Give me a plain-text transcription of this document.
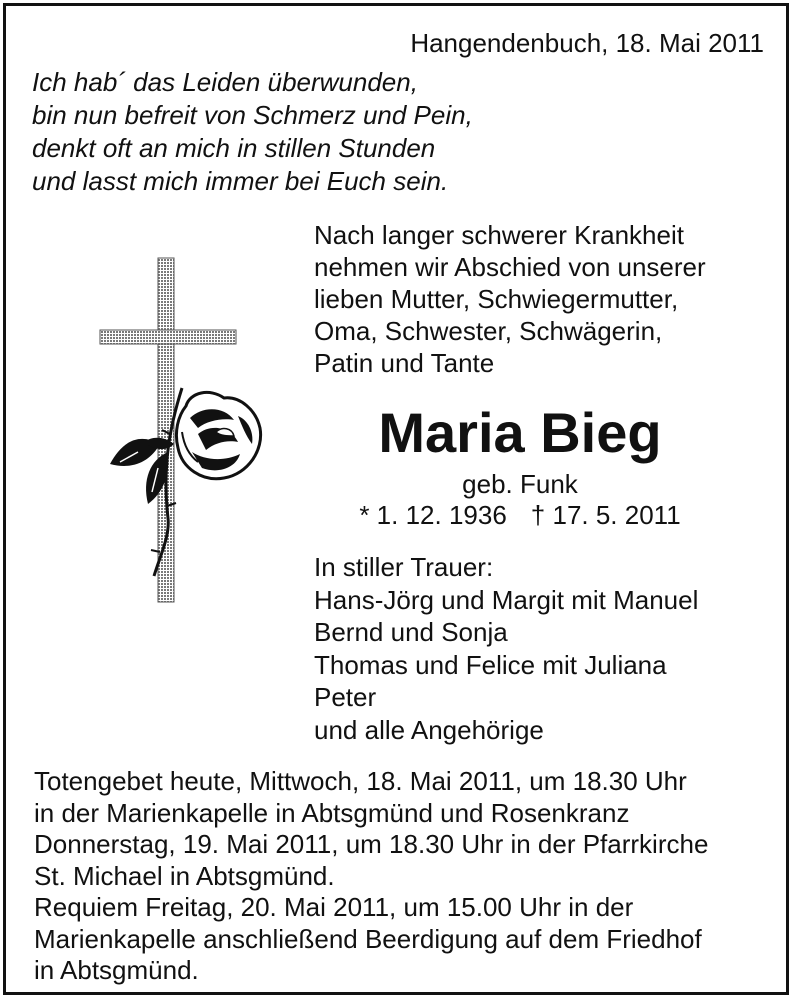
Hangendenbuch, 18. Mai 2011
Ich hab´ das Leiden überwunden,
bin nun befreit von Schmerz und Pein,
denkt oft an mich in stillen Stunden
und lasst mich immer bei Euch sein.
Nach langer schwerer Krankheit
nehmen wir Abschied von unserer
lieben Mutter, Schwiegermutter,
Oma, Schwester, Schwägerin,
Patin und Tante
Maria Bieg
geb. Funk
* 1. 12. 1936 † 17. 5. 2011
In stiller Trauer:
Hans-Jörg und Margit mit Manuel
Bernd und Sonja
Thomas und Felice mit Juliana
Peter
und alle Angehörige
Totengebet heute, Mittwoch, 18. Mai 2011, um 18.30 Uhr
in der Marienkapelle in Abtsgmünd und Rosenkranz
Donnerstag, 19. Mai 2011, um 18.30 Uhr in der Pfarrkirche
St. Michael in Abtsgmünd.
Requiem Freitag, 20. Mai 2011, um 15.00 Uhr in der
Marienkapelle anschließend Beerdigung auf dem Friedhof
in Abtsgmünd.
